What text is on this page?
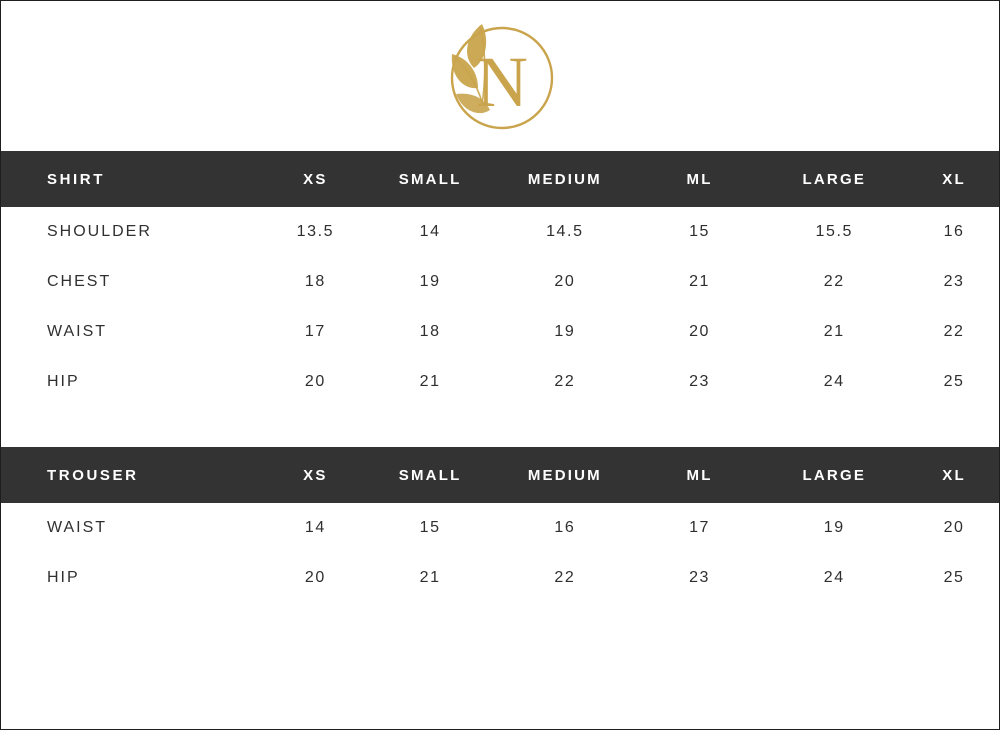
N
SHIRT	XS	SMALL	MEDIUM	ML	LARGE	XL
SHOULDER	13.5	14	14.5	15	15.5	16
CHEST	18	19	20	21	22	23
WAIST	17	18	19	20	21	22
HIP	20	21	22	23	24	25
TROUSER	XS	SMALL	MEDIUM	ML	LARGE	XL
WAIST	14	15	16	17	19	20
HIP	20	21	22	23	24	25
